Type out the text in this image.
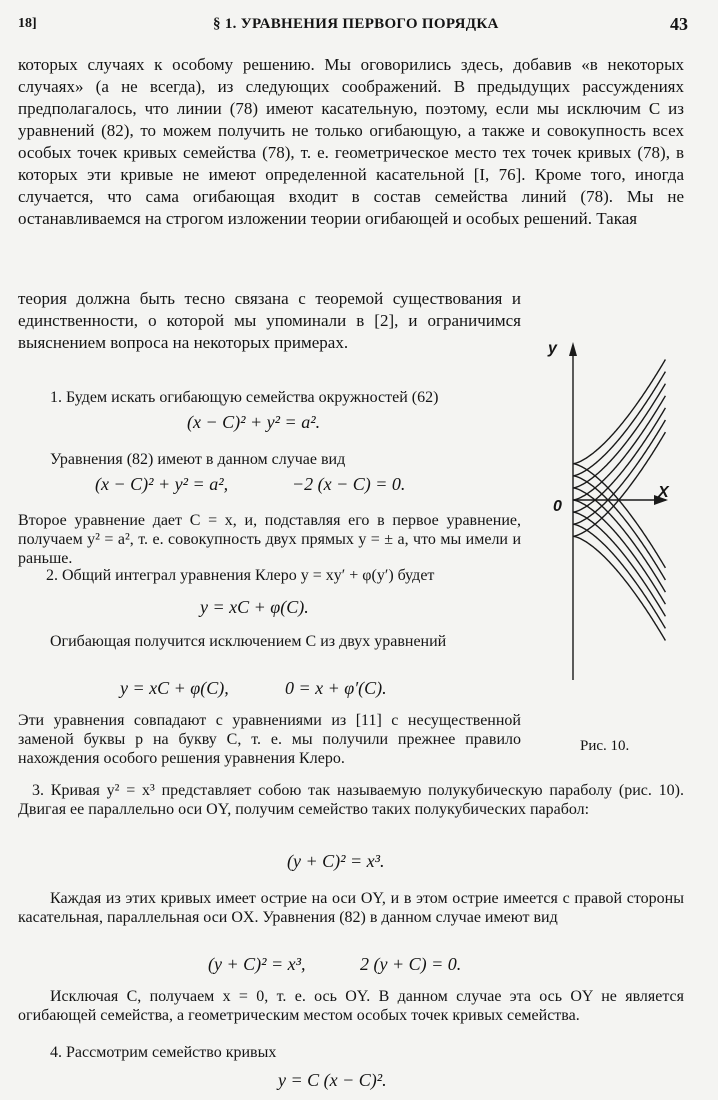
18]	§ 1. УРАВНЕНИЯ ПЕРВОГО ПОРЯДКА	43

которых случаях к особому решению. Мы оговорились здесь, добавив «в некоторых случаях» (а не всегда), из следующих соображений. В предыдущих рассуждениях предполагалось, что линии (78) имеют касательную, поэтому, если мы исключим C из уравнений (82), то можем получить не только огибающую, а также и совокупность всех особых точек кривых семейства (78), т. е. геометрическое место тех точек кривых (78), в которых эти кривые не имеют определенной касательной [I, 76]. Кроме того, иногда случается, что сама огибающая входит в состав семейства линий (78). Мы не останавливаемся на строгом изложении теории огибающей и особых решений. Такая

теория должна быть тесно связана с теоремой существования и единственности, о которой мы упоминали в [2], и ограничимся выяснением вопроса на некоторых примерах.

1. Будем искать огибающую семейства окружностей (62)

(x − C)² + y² = a².

Уравнения (82) имеют в данном случае вид

(x − C)² + y² = a²,	−2 (x − C) = 0.

Второе уравнение дает C = x, и, подставляя его в первое уравнение, получаем y² = a², т. е. совокупность двух прямых y = ± a, что мы имели и раньше.

2. Общий интеграл уравнения Клеро y = xy′ + φ(y′) будет

y = xC + φ(C).

Огибающая получится исключением C из двух уравнений

y = xC + φ(C),	0 = x + φ′(C).

Эти уравнения совпадают с уравнениями из [11] с несущественной заменой буквы p на букву C, т. е. мы получили прежнее правило нахождения особого решения уравнения Клеро.

3. Кривая y² = x³ представляет собою так называемую полукубическую параболу (рис. 10). Двигая ее параллельно оси OY, получим семейство таких полукубических парабол:

(y + C)² = x³.

Каждая из этих кривых имеет острие на оси OY, и в этом острие имеется с правой стороны касательная, параллельная оси OX. Уравнения (82) в данном случае имеют вид

(y + C)² = x³,	2 (y + C) = 0.

Исключая C, получаем x = 0, т. е. ось OY. В данном случае эта ось OY не является огибающей семейства, а геометрическим местом особых точек кривых семейства.

4. Рассмотрим семейство кривых

y = C (x − C)².
y
X
0
Рис. 10.
